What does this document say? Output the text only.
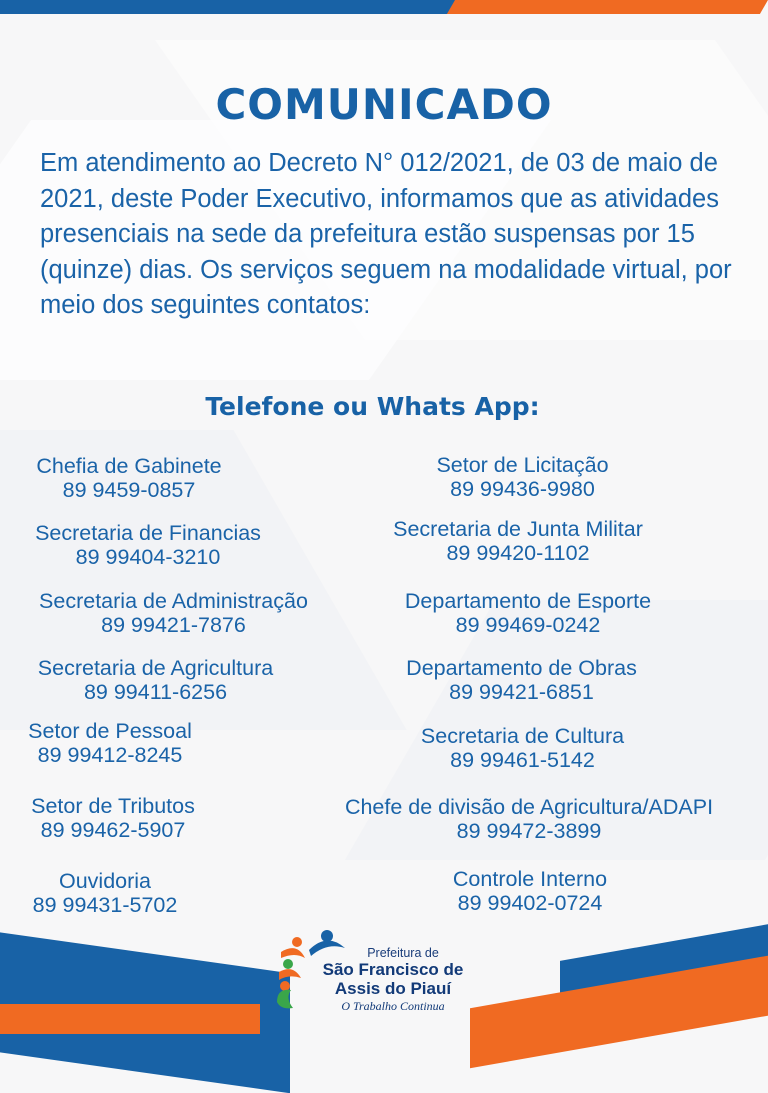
COMUNICADO

Em atendimento ao Decreto N° 012/2021, de 03 de maio de 2021, deste Poder Executivo, informamos que as atividades presenciais na sede da prefeitura estão suspensas por 15 (quinze) dias. Os serviços seguem na modalidade virtual, por meio dos seguintes contatos:

Telefone ou Whats App:
Chefia de Gabinete
89 9459-0857
Secretaria de Financias
89 99404-3210
Secretaria de Administração
89 99421-7876
Secretaria de Agricultura
89 99411-6256
Setor de Pessoal
89 99412-8245
Setor de Tributos
89 99462-5907
Ouvidoria
89 99431-5702
Setor de Licitação
89 99436-9980
Secretaria de Junta Militar
89 99420-1102
Departamento de Esporte
89 99469-0242
Departamento de Obras
89 99421-6851
Secretaria de Cultura
89 99461-5142
Chefe de divisão de Agricultura/ADAPI
89 99472-3899
Controle Interno
89 99402-0724
Prefeitura de
São Francisco de
Assis do Piauí
O Trabalho Continua
